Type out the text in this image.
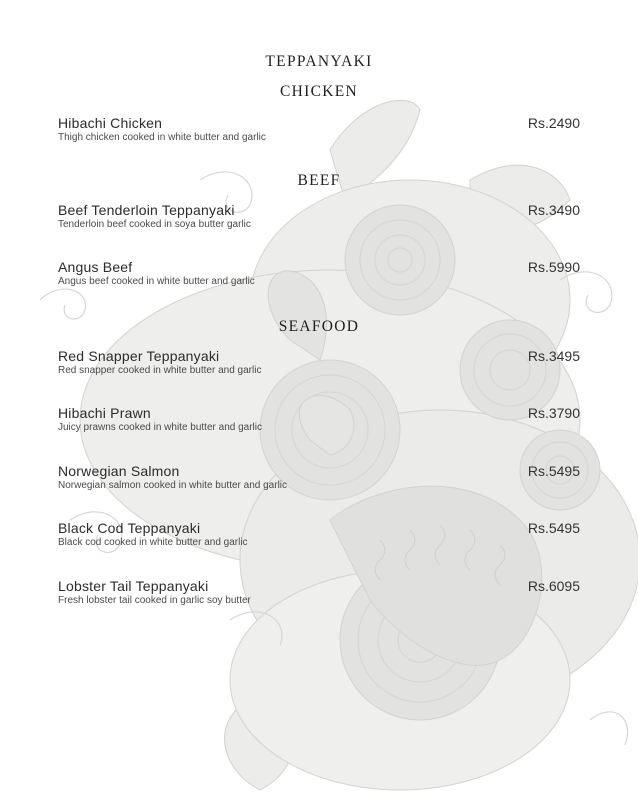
TEPPANYAKI
CHICKEN
Hibachi Chicken
Thigh chicken cooked in white butter and garlic
Rs.2490
BEEF
Beef Tenderloin Teppanyaki
Tenderloin beef cooked in soya butter garlic
Rs.3490
Angus Beef
Angus beef cooked in white butter and garlic
Rs.5990
SEAFOOD
Red Snapper Teppanyaki
Red snapper cooked in white butter and garlic
Rs.3495
Hibachi Prawn
Juicy prawns cooked in white butter and garlic
Rs.3790
Norwegian Salmon
Norwegian salmon cooked in white butter and garlic
Rs.5495
Black Cod Teppanyaki
Black cod cooked in white butter and garlic
Rs.5495
Lobster Tail Teppanyaki
Fresh lobster tail cooked in garlic soy butter
Rs.6095
